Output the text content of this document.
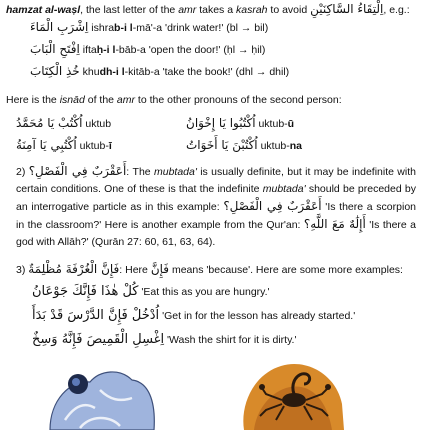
hamzat al-waṣl, the last letter of the amr takes a kasrah to avoid اِلْتِقَاءُ السَّاكِنَيْنِ, e.g.:
اِشْرَبِ الْمَاءَ ishrab-i l-mā'-a 'drink water!' (bl → bil)
اِفْتَحِ الْبَابَ iftaḥ-i l-bāb-a 'open the door!' (ḥl → ḥil)
خُذِ الْكِتَابَ khudh-i l-kitāb-a 'take the book!' (dhl → dhil)
Here is the isnād of the amr to the other pronouns of the second person:
اُكْتُبْ يَا مُحَمَّدُ uktub	اُكْتُبُوا يَا إِخْوَانُ uktub-ū
اُكْتُبِي يَا آمِنَةُ uktub-ī	اُكْتُبْنَ يَا أَخَوَاتُ uktub-na
2) أَعَقْرَبٌ فِي الْفَصْلِ؟: The mubtada' is usually definite, but it may be indefinite with certain conditions. One of these is that the indefinite mubtada' should be preceded by an interrogative particle as in this example: أَعَقْرَبٌ فِي الْفَصْلِ؟ 'Is there a scorpion in the classroom?' Here is another example from the Qur'an: أَإِلَٰهٌ مَعَ اللَّهِ؟ 'Is there a god with Allāh?' (Qurān 27: 60, 61, 63, 64).
3) فَإِنَّ الْغُرْفَةَ مُظْلِمَةٌ: Here فَإِنَّ means 'because'. Here are some more examples:
كُلْ هٰذَا فَإِنَّكَ جَوْعَانُ 'Eat this as you are hungry.'
اُدْخُلْ فَإِنَّ الدَّرْسَ قَدْ بَدَأَ 'Get in for the lesson has already started.'
اِغْسِلِ الْقَمِيصَ فَإِنَّهُ وَسِخٌ 'Wash the shirt for it is dirty.'
